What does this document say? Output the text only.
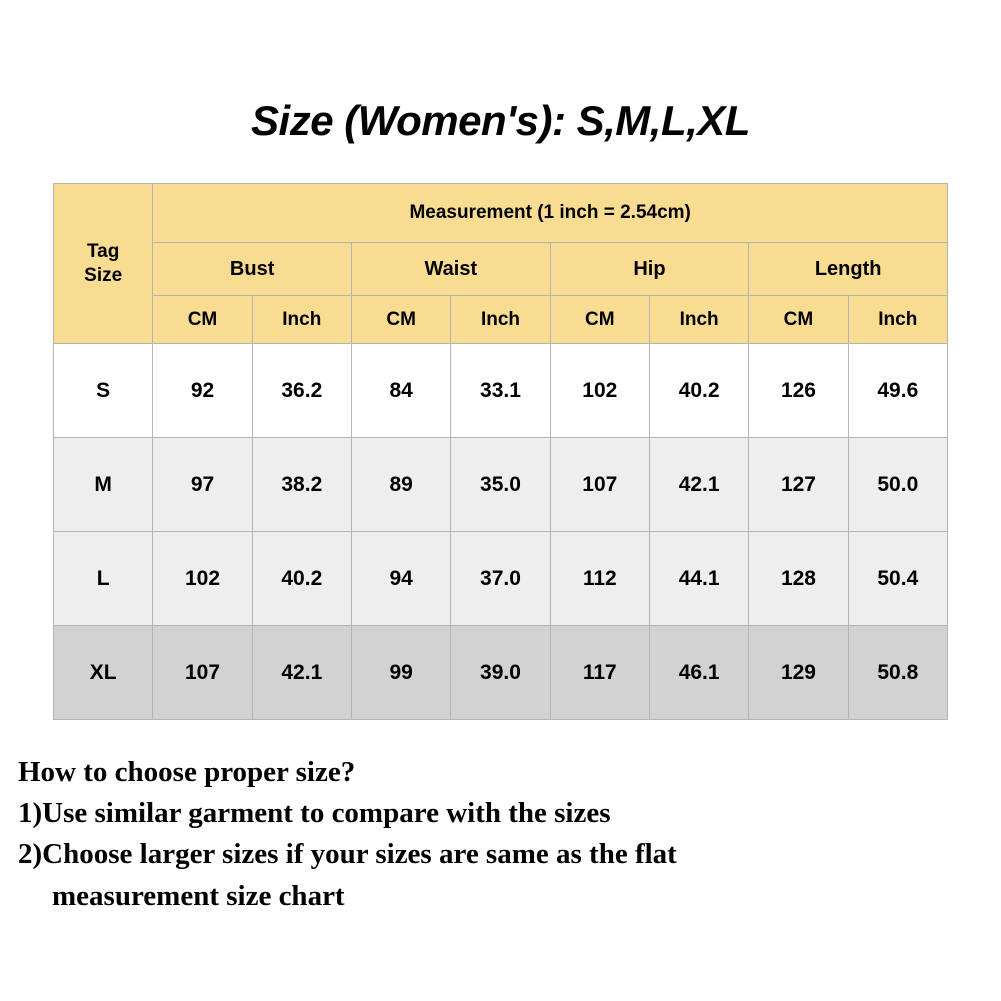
Size (Women's): S,M,L,XL
Tag
Size	Measurement (1 inch = 2.54cm)							
	Bust		Waist		Hip		Length	
	CM	Inch	CM	Inch	CM	Inch	CM	Inch
S	92	36.2	84	33.1	102	40.2	126	49.6
M	97	38.2	89	35.0	107	42.1	127	50.0
L	102	40.2	94	37.0	112	44.1	128	50.4
XL	107	42.1	99	39.0	117	46.1	129	50.8
How to choose proper size?
1)Use similar garment to compare with the sizes
2)Choose larger sizes if your sizes are same as the flat
measurement size chart
